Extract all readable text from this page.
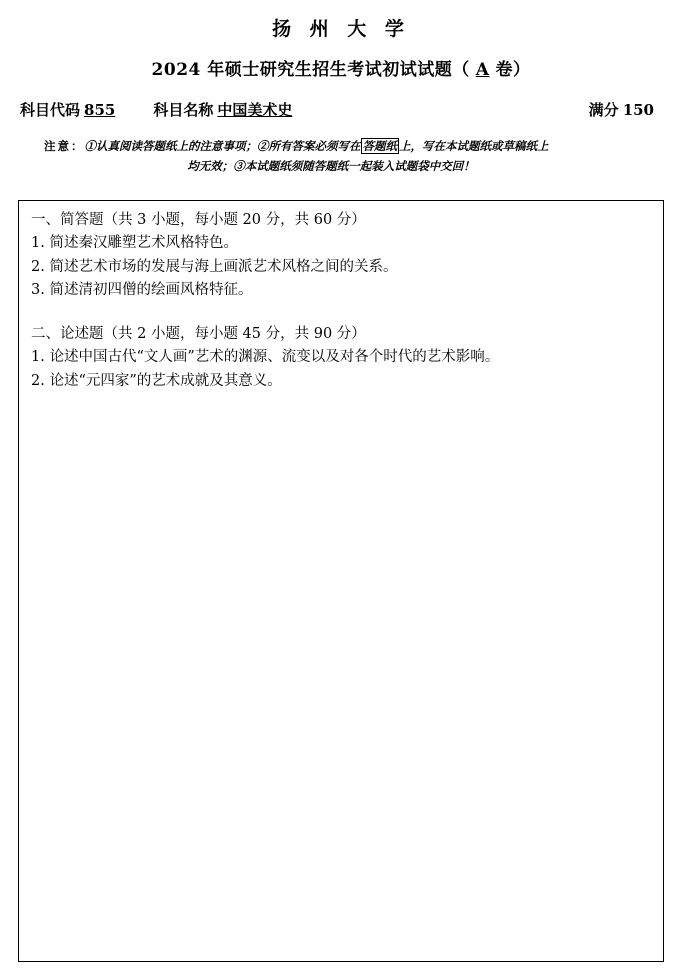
扬 州 大 学
2024 年硕士研究生招生考试初试试题（ A 卷）
科目代码 855	科目名称 中国美术史	满分 150
注意：①认真阅读答题纸上的注意事项；②所有答案必须写在 答题纸 上，写在本试题纸或草稿纸上
均无效；③本试题纸须随答题纸一起装入试题袋中交回！
一、简答题（共 3 小题，每小题 20 分，共 60 分）
1. 简述秦汉雕塑艺术风格特色。
2. 简述艺术市场的发展与海上画派艺术风格之间的关系。
3. 简述清初四僧的绘画风格特征。
二、论述题（共 2 小题，每小题 45 分，共 90 分）
1. 论述中国古代“文人画”艺术的渊源、流变以及对各个时代的艺术影响。
2. 论述“元四家”的艺术成就及其意义。
